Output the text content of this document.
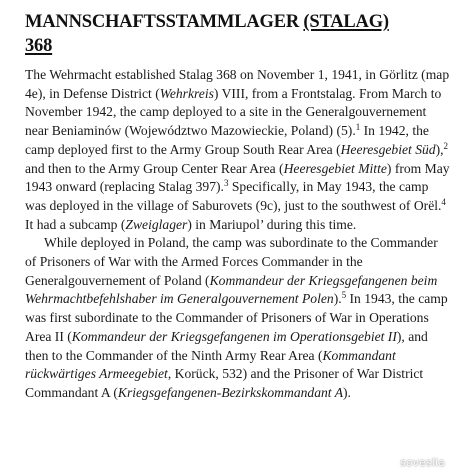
MANNSCHAFTSSTAMMLAGER (STALAG)
368

The Wehrmacht established Stalag 368 on November 1, 1941, in Görlitz (map 4e), in Defense District (Wehrkreis) VIII, from a Frontstalag. From March to November 1942, the camp deployed to a site in the Generalgouvernement near Beniaminów (Województwo Mazowieckie, Poland) (5).$^1$ In 1942, the camp deployed first to the Army Group South Rear Area (Heeresgebiet Süd),$^2$ and then to the Army Group Center Rear Area (Heeresgebiet Mitte) from May 1943 onward (replacing Stalag 397).$^3$ Specifically, in May 1943, the camp was deployed in the village of Saburovets (9c), just to the southwest of Orël.$^4$ It had a subcamp (Zweiglager) in Mariupol’ during this time.

While deployed in Poland, the camp was subordinate to the Commander of Prisoners of War with the Armed Forces Commander in the Generalgouvernement of Poland (Kommandeur der Kriegsgefangenen beim Wehrmachtbefehlshaber im Generalgouvernement Polen).$^5$ In 1943, the camp was first subordinate to the Commander of Prisoners of War in Operations Area II (Kommandeur der Kriegsgefangenen im Operationsgebiet II), and then to the Commander of the Ninth Army Rear Area (Kommandant rückwärtiges Armeegebiet, Korück, 532) and the Prisoner of War District Commandant A (Kriegsgefangenen-Bezirkskommandant A).

soveslia
